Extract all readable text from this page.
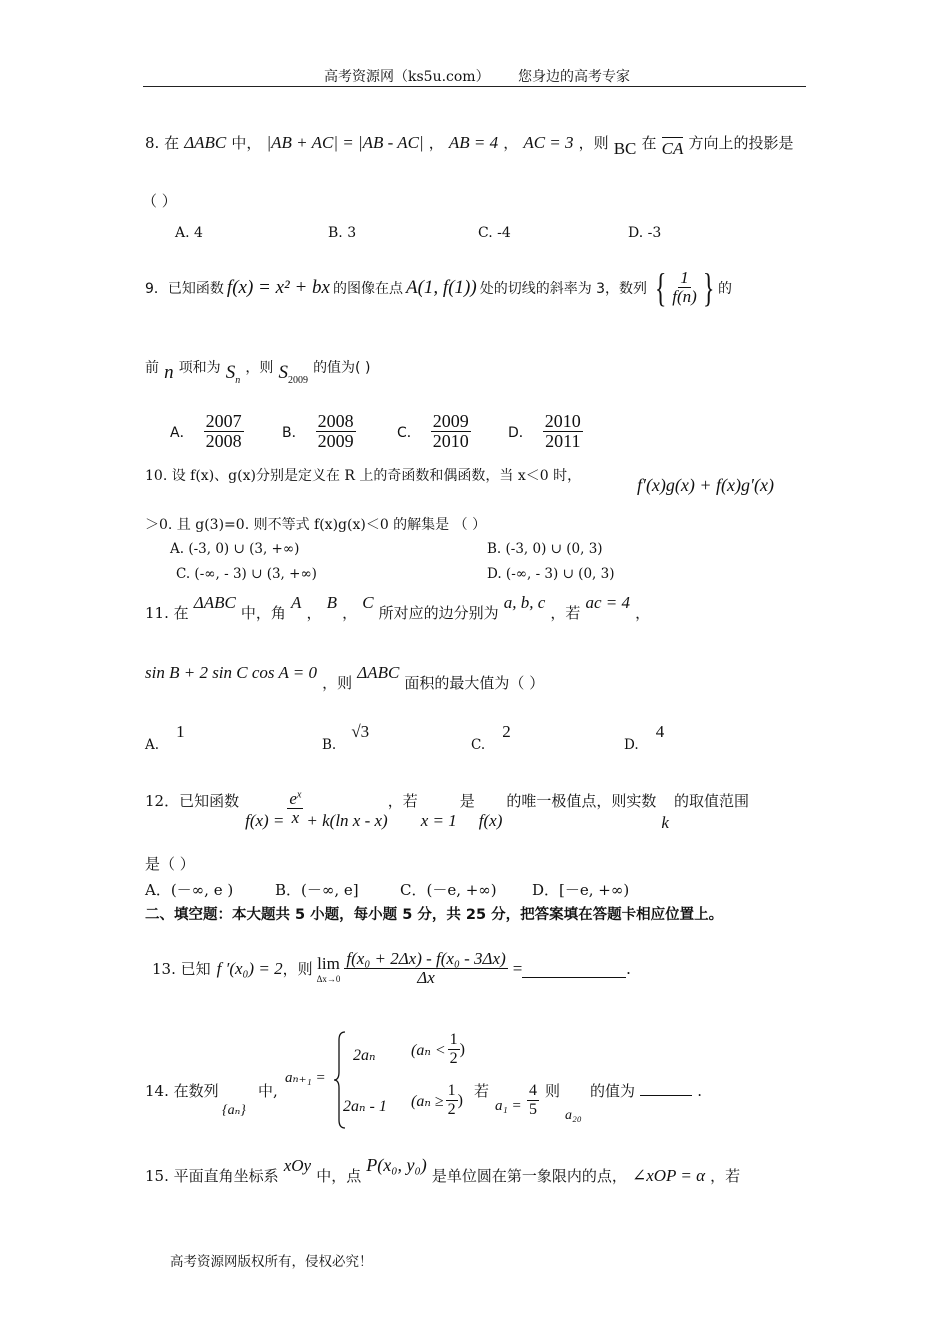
高考资源网（ks5u.com） 您身边的高考专家
8. 在 ΔABC 中， |AB + AC| = |AB - AC| ， AB = 4 ， AC = 3 ，则 BC 在 CA 方向上的投影是
（ ）
A. 4	B. 3	C. -4	D. -3
9．已知函数 f(x) = x² + bx 的图像在点 A(1, f(1)) 处的切线的斜率为 3，数列 { $\frac{1}{f(n)}$ } 的
前 n 项和为 $S_n$ ，则 $S_{2009}$ 的值为( )
A． $\frac{2007}{2008}$	B． $\frac{2008}{2009}$	C． $\frac{2009}{2010}$	D． $\frac{2010}{2011}$
10. 设 f(x)、g(x)分别是定义在 R 上的奇函数和偶函数，当 x＜0 时，	f′(x)g(x) + f(x)g′(x)
＞0. 且 g(3)=0. 则不等式 f(x)g(x)＜0 的解集是 （ ）
A. (-3, 0) ∪ (3, +∞)	B. (-3, 0) ∪ (0, 3)
C. (-∞, - 3) ∪ (3, +∞)	D. (-∞, - 3) ∪ (0, 3)
11. 在 ΔABC 中，角 A ， B ， C 所对应的边分别为 a, b, c ，若 ac = 4 ，
sin B + 2 sin C cos A = 0 ，则 ΔABC 面积的最大值为（ ）
$_{A.}$ 1
$_{B.}$ √3
$_{C.}$ 2
$_{D.}$ 4
12．已知函数
$f(x) = \frac{e^x}{x} + k(\ln$ x - x)
，若
x = 1
是
f(x)
的唯一极值点，则实数
k
的取值范围
是（ ）
A．(－∞, e )	B．(－∞, e]	C．(－e, +∞) D．[－e, +∞)
二、填空题：本大题共 5 小题，每小题 5 分，共 25 分，把答案填在答题卡相应位置上。
13. 已知 f ′(x₀) = 2 ，则 lim
$\Delta x\to 0 \frac{\text{f(x₀ + 2Δx) - f(x₀ - 3Δx)}}{\Delta x}$ =	.
14. 在数列
{aₙ}
中,
aₙ₊₁ =
2aₙ ($a_n < \frac{1}{2}$ )
2aₙ - 1 ($a_n \ge \frac{1}{2}$ )
若
$a_1 = \frac{4}{5}$ 则
a₂₀
的值为	.
15. 平面直角坐标系 xOy 中，点 P(x₀, y₀) 是单位圆在第一象限内的点， ∠xOP = α ，若
高考资源网版权所有，侵权必究！
